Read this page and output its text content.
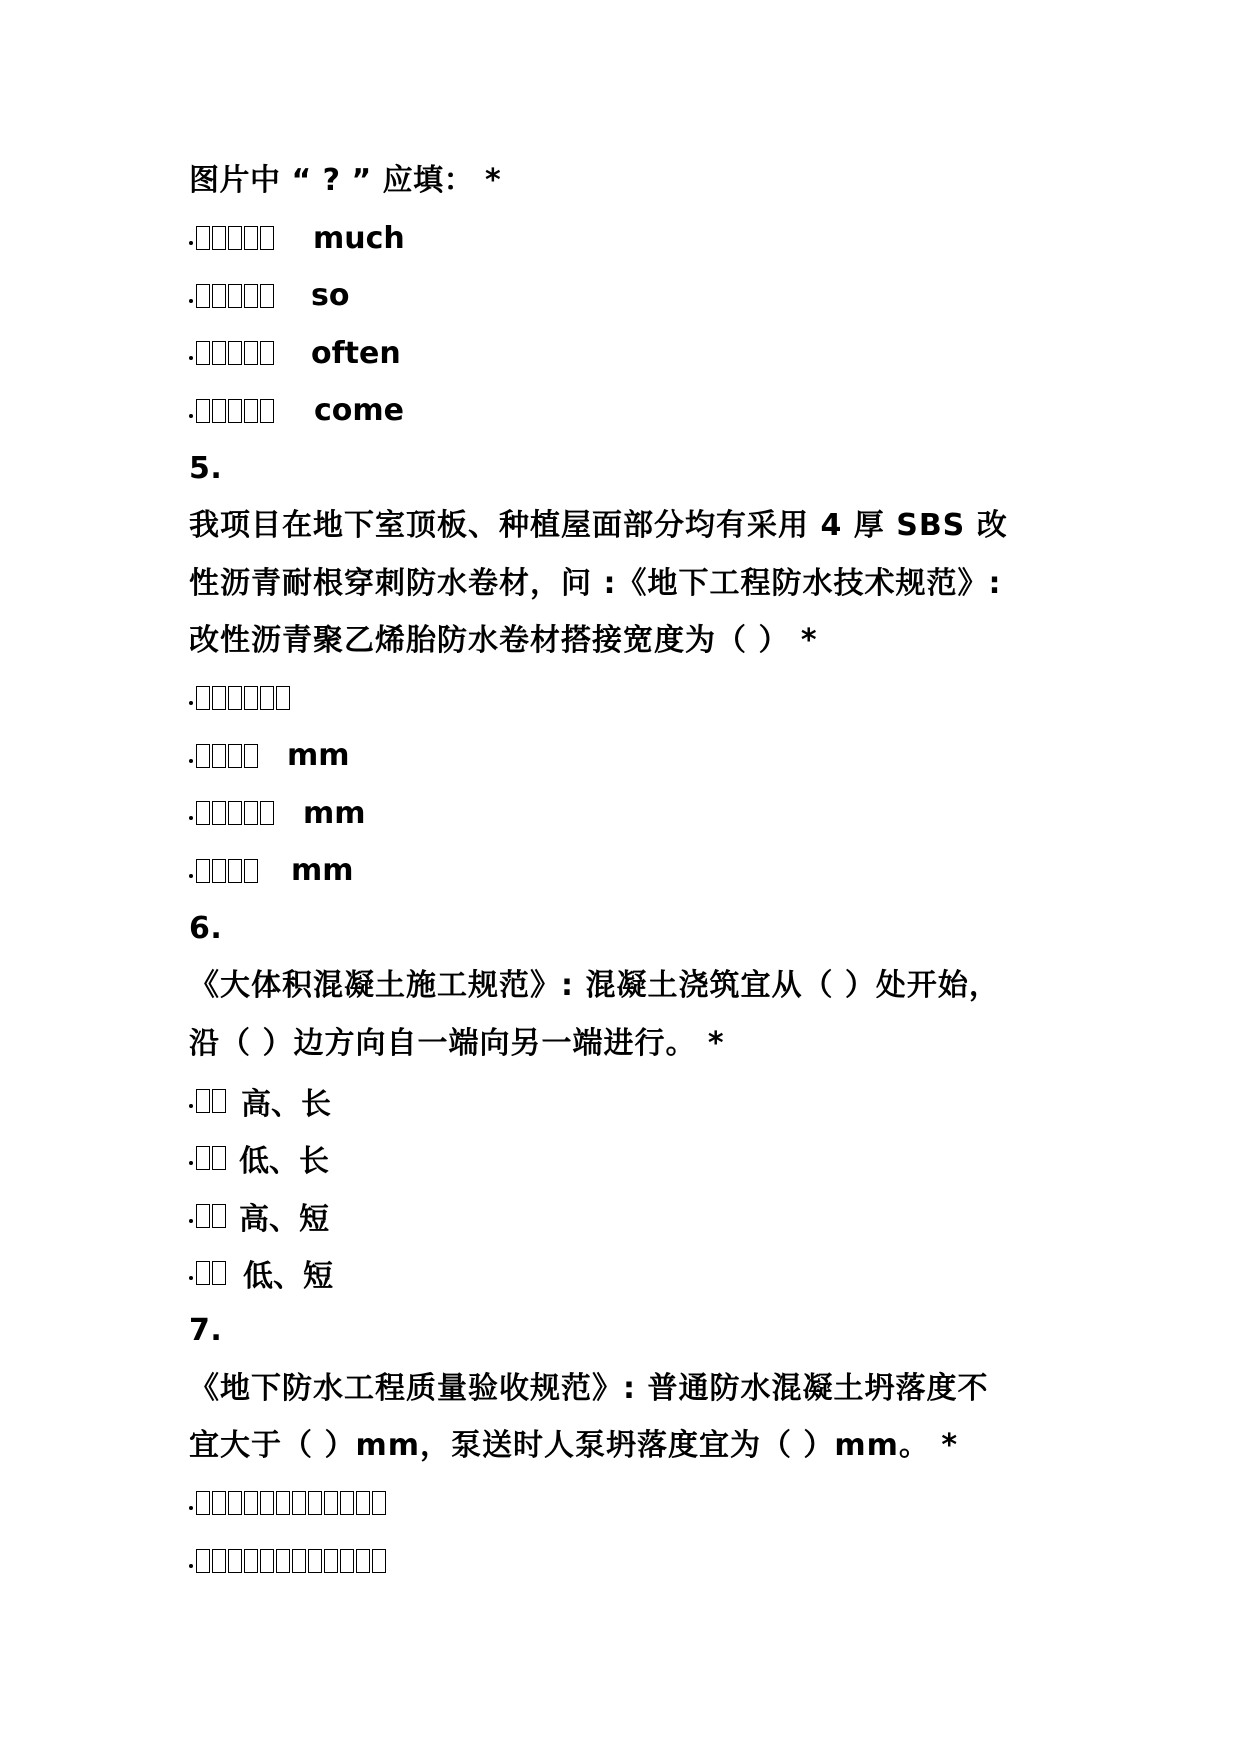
图片中 “ ? ” 应填： *
much
so
often
come
5.
我项目在地下室顶板、种植屋面部分均有采用 4 厚 SBS 改
性沥青耐根穿刺防水卷材，问 :《地下工程防水技术规范》:
改性沥青聚乙烯胎防水卷材搭接宽度为（ ） *
mm
mm
mm
6.
《大体积混凝土施工规范》: 混凝土浇筑宜从（ ）处开始，
沿（ ）边方向自一端向另一端进行。 *
高、长
低、长
高、短
低、短
7.
《地下防水工程质量验收规范》: 普通防水混凝土坍落度不
宜大于（ ）mm，泵送时人泵坍落度宜为（ ）mm。 *
